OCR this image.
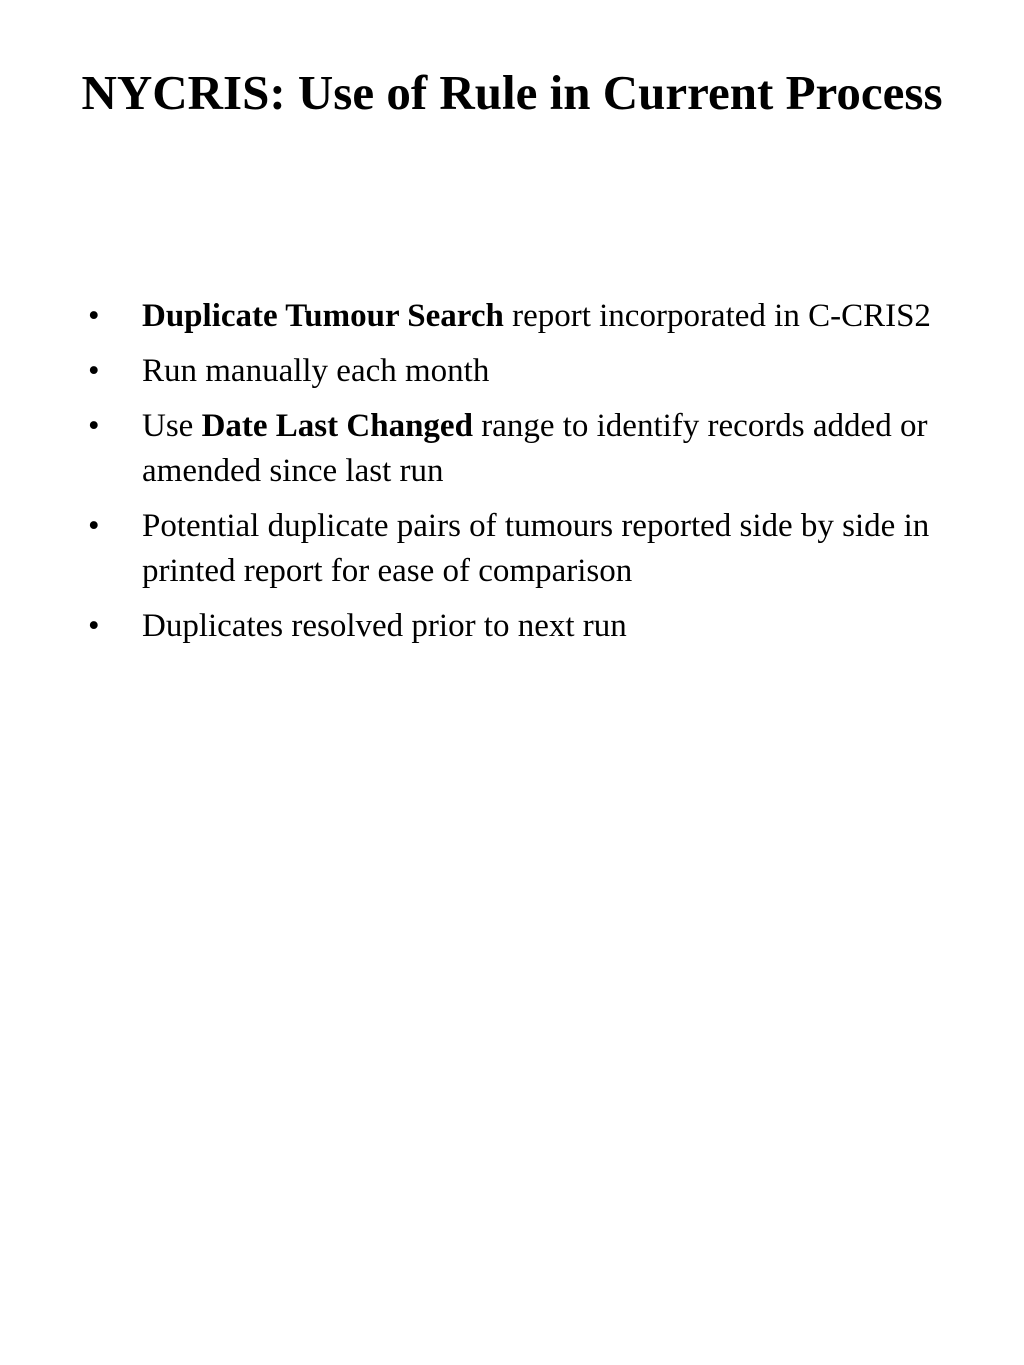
NYCRIS: Use of Rule in Current Process
•	Duplicate Tumour Search report incorporated in C-CRIS2
•	Run manually each month
•	Use Date Last Changed range to identify records added or amended since last run
•	Potential duplicate pairs of tumours reported side by side in printed report for ease of comparison
•	Duplicates resolved prior to next run
